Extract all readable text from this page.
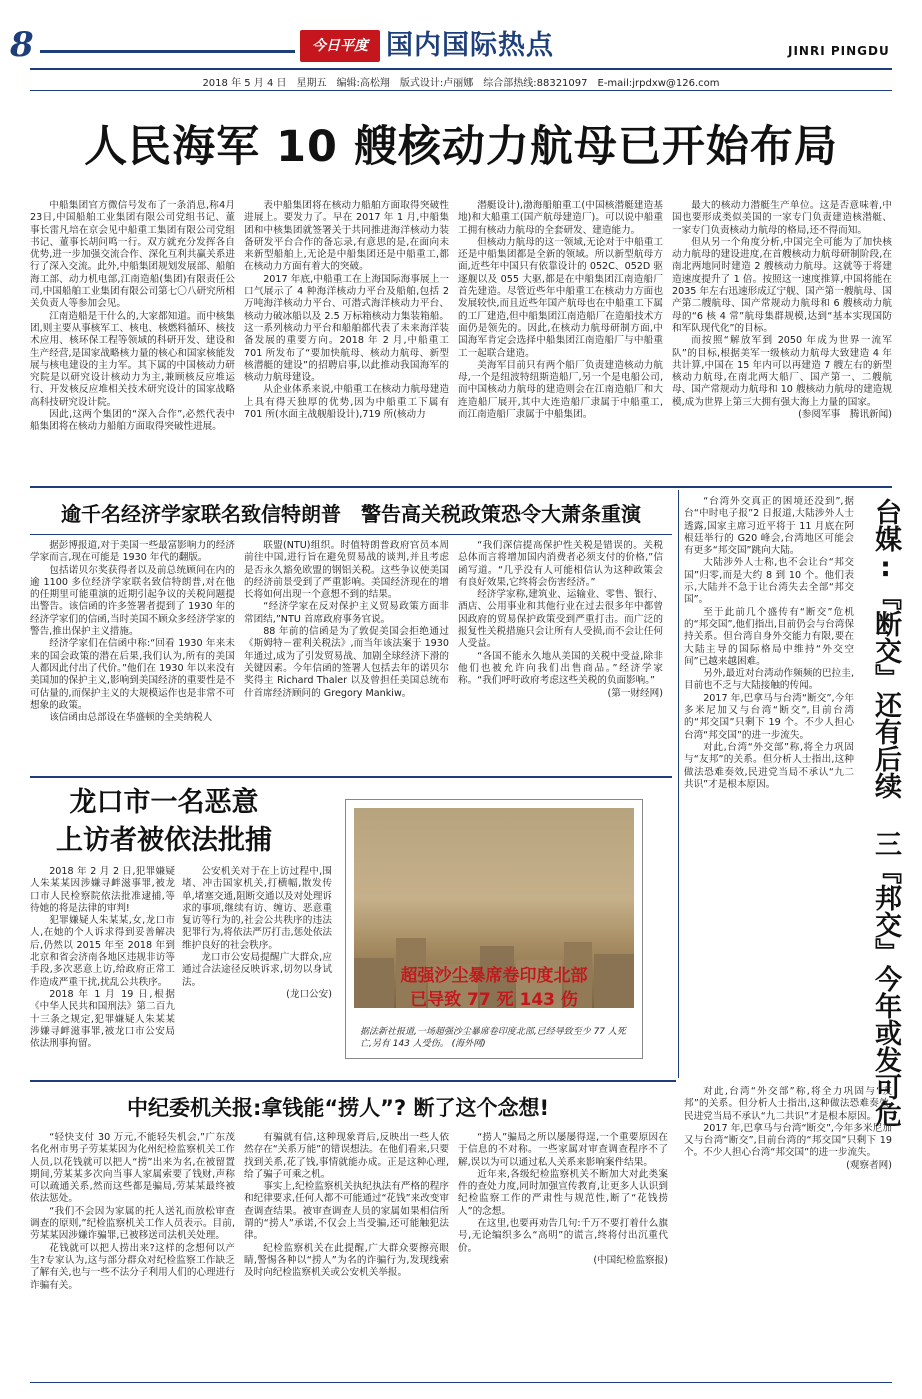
8	今日平度 国内国际热点	JINRI PINGDU
2018 年 5 月 4 日　星期五　编辑:高松翔　版式设计:卢丽娜　综合部热线:88321097　E-mail:jrpdxw@126.com
人民海军 10 艘核动力航母已开始布局

中船集团官方微信号发布了一条消息,称4月23日,中国船舶工业集团有限公司党组书记、董事长雷凡培在京会见中船重工集团有限公司党组书记、董事长胡问鸣一行。双方就充分发挥各自优势,进一步加强交流合作、深化互利共赢关系进行了深入交流。此外,中船集团规划发展部、船舶海工部、动力机电部,江南造船(集团)有限责任公司,中国船舶工业集团有限公司第七〇八研究所相关负责人等参加会见。

江南造船是干什么的,大家都知道。而中核集团,则主要从事核军工、核电、核燃料循环、核技术应用、核环保工程等领域的科研开发、建设和生产经营,是国家战略核力量的核心和国家核能发展与核电建设的主力军。其下属的中国核动力研究院是以研究设计核动力为主,兼顾核反应堆运行、开发核反应堆相关技术研究设计的国家战略高科技研究设计院。

因此,这两个集团的“深入合作”,必然代表中船集团将在核动力船舶方面取得突破性进展。

表中船集团将在核动力船舶方面取得突破性进展上。要发力了。早在 2017 年 1 月,中船集团和中核集团就签署关于共同推进海洋核动力装备研发平台合作的备忘录,有意思的是,在面向未来新型船舶上,无论是中船集团还是中船重工,都在核动力方面有着大的突破。

2017 年底,中船重工在上海国际海事展上一口气展示了 4 种海洋核动力平台及船舶,包括 2 万吨海洋核动力平台、可潜式海洋核动力平台、核动力破冰船以及 2.5 万标箱核动力集装箱船。这一系列核动力平台和船舶都代表了未来海洋装备发展的重要方向。2018 年 2 月,中船重工 701 所发布了“要加快航母、核动力航母、新型核潜艇的建设”的招聘启事,以此推动我国海军的核动力航母建设。

从企业体系来说,中船重工在核动力航母建造上具有得天独厚的优势,因为中船重工下属有 701 所(水面主战舰船设计),719 所(核动力

潜艇设计),渤海船舶重工(中国核潜艇建造基地)和大船重工(国产航母建造厂)。可以说中船重工拥有核动力航母的全套研发、建造能力。

但核动力航母的这一领域,无论对于中船重工还是中船集团都是全新的领域。所以新型航母方面,近些年中国只有依靠设计的 052C、052D 驱逐舰以及 055 大驱,都是在中船集团江南造船厂首先建造。尽管近些年中船重工在核动力方面也发展较快,而且近些年国产航母也在中船重工下属的工厂建造,但中船集团江南造船厂在造船技术方面仍是领先的。因此,在核动力航母研制方面,中国海军肯定会选择中船集团江南造船厂与中船重工一起联合建造。

美海军目前只有两个船厂负责建造核动力航母,一个是纽波特纽斯造船厂,另一个是电船公司,而中国核动力航母的建造则会在江南造船厂和大连造船厂展开,其中大连造船厂隶属于中船重工,而江南造船厂隶属于中船集团。

最大的核动力潜艇生产单位。这是否意味着,中国也要形成类似美国的一家专门负责建造核潜艇、一家专门负责核动力航母的格局,还不得而知。

但从另一个角度分析,中国完全可能为了加快核动力航母的建设进度,在首艘核动力航母研制阶段,在南北两地同时建造 2 艘核动力航母。这就等于将建造速度提升了 1 倍。按照这一速度推算,中国将能在 2035 年左右迅速形成辽宁舰、国产第一艘航母、国产第二艘航母、国产常规动力航母和 6 艘核动力航母的“6 核 4 常”航母集群规模,达到“基本实现国防和军队现代化”的目标。

而按照“解放军到 2050 年成为世界一流军队”的目标,根据美军一级核动力航母大致建造 4 年共计算,中国在 15 年内可以再建造 7 艘左右的新型核动力航母,在南北两大船厂、国产第一、二艘航母、国产常规动力航母和 10 艘核动力航母的建造规模,成为世界上第三大拥有强大海上力量的国家。

(参阅军事　腾讯新闻)
逾千名经济学家联名致信特朗普　警告高关税政策恐令大萧条重演

据彭博报道,对于美国一些最富影响力的经济学家而言,现在可能是 1930 年代的翻版。

包括诺贝尔奖获得者以及前总统顾问在内的逾 1100 多位经济学家联名致信特朗普,对在他的任期里可能重演的近期引起争议的关税问题提出警告。该信函的许多签署者提到了 1930 年的经济学家们的信函,当时美国不顾众多经济学家的警告,推出保护主义措施。

经济学家们在信函中称:“回看 1930 年来未来的国会政策的潜在后果,我们认为,所有的美国人都因此付出了代价。”他们在 1930 年以来没有美国加的保护主义,影响到美国经济的重要性是不可估量的,而保护主义的大规模运作也是非常不可想象的政策。

该信函由总部设在华盛顿的全美纳税人

联盟(NTU)组织。时值特朗普政府官员本周前往中国,进行旨在避免贸易战的谈判,并且考虑是否永久豁免欧盟的钢铝关税。这些争议使美国的经济前景受到了严重影响。美国经济现在的增长将如何出现一个意想不到的结果。

“经济学家在反对保护主义贸易政策方面非常团结,”NTU 首席政府事务官说。

88 年前的信函是为了敦促美国会拒绝通过《斯姆特－霍利关税法》,而当年该法案于 1930 年通过,成为了引发贸易战、加剧全球经济下滑的关键因素。今年信函的签署人包括去年的诺贝尔奖得主 Richard Thaler 以及曾担任美国总统布什首席经济顾问的 Gregory Mankiw。

“我们深信提高保护性关税是错误的。关税总体而言将增加国内消费者必须支付的价格,”信函写道。“几乎没有人可能相信认为这种政策会有良好效果,它终将会伤害经济。”

经济学家称,建筑业、运输业、零售、银行、酒店、公用事业和其他行业在过去很多年中都曾因政府的贸易保护政策受到严重打击。而广泛的报复性关税措施只会让所有人受损,而不会让任何人受益。

“各国不能永久地从美国的关税中受益,除非他们也被允许向我们出售商品。”经济学家称。“我们呼吁政府考虑这些关税的负面影响。”

(第一财经网)

“台湾外交真正的困境还没到”,据台“中时电子报”2 日报道,大陆涉外人士透露,国家主席习近平将于 11 月底在阿根廷举行的 G20 峰会,台湾地区可能会有更多“邦交国”跳向大陆。

大陆涉外人士称,也不会让台“邦交国”归零,而是大约 8 到 10 个。他们表示,大陆并不急于让台湾失去全部“邦交国”。

至于此前几个盛传有“断交”危机的“邦交国”,他们指出,目前仍会与台湾保持关系。但台湾自身外交能力有限,要在大陆主导的国际格局中维持“外交空间”已越来越困难。

另外,最近对台湾动作频频的巴拉圭,目前也不乏与大陆接触的传闻。

2017 年,巴拿马与台湾“断交”,今年多米尼加又与台湾“断交”,目前台湾的“邦交国”只剩下 19 个。不少人担心台湾“邦交国”的进一步流失。

对此,台湾“外交部”称,将全力巩固与“友邦”的关系。但分析人士指出,这种做法恐难奏效,民进党当局不承认“九二共识”才是根本原因。	台媒:『断交』还有后续 三『邦交』今年或发可危

对此,台湾“外交部”称,将全力巩固与“友邦”的关系。但分析人士指出,这种做法恐难奏效,民进党当局不承认“九二共识”才是根本原因。

2017 年,巴拿马与台湾“断交”,今年多米尼加又与台湾“断交”,目前台湾的“邦交国”只剩下 19 个。不少人担心台湾“邦交国”的进一步流失。

(观察者网)
龙口市一名恶意
上访者被依法批捕

2018 年 2 月 2 日,犯罪嫌疑人朱某某因涉嫌寻衅滋事罪,被龙口市人民检察院依法批准逮捕,等待她的将是法律的审判!

犯罪嫌疑人朱某某,女,龙口市人,在她的个人诉求得到妥善解决后,仍然以 2015 年至 2018 年到北京和省会济南各地区违规非访等手段,多次恶意上访,给政府正常工作造成严重干扰,扰乱公共秩序。

2018 年 1 月 19 日,根据《中华人民共和国刑法》第二百九十三条之规定,犯罪嫌疑人朱某某涉嫌寻衅滋事罪,被龙口市公安局依法刑事拘留。

公安机关对于在上访过程中,围堵、冲击国家机关,打横幅,散发传单,堵塞交通,阻断交通以及对处理诉求的事项,继续有访、缠访、恶意重复访等行为的,社会公共秩序的违法犯罪行为,将依法严厉打击,惩处依法维护良好的社会秩序。

龙口市公安局提醒广大群众,应通过合法途径反映诉求,切勿以身试法。

(龙口公安)
超强沙尘暴席卷印度北部
已导致 77 死 143 伤
据法新社报道,一场超强沙尘暴席卷印度北部,已经导致至少 77 人死亡,另有 143 人受伤。 (海外网)
中纪委机关报:拿钱能“捞人”? 断了这个念想!

“轻快支付 30 万元,不能轻失机会,”广东茂名化州市男子劳某某因为化州纪检监察机关工作人员,以花钱就可以把人“捞”出来为名,在被留置期间,劳某某多次向当事人家属索要了钱财,声称可以疏通关系,然而这些都是骗局,劳某某最终被依法惩处。

“我们不会因为家属的托人送礼而放松审查调查的原则,”纪检监察机关工作人员表示。目前,劳某某因涉嫌诈骗罪,已被移送司法机关处理。

花钱就可以把人捞出来?这样的念想何以产生?专家认为,这与部分群众对纪检监察工作缺乏了解有关,也与一些不法分子利用人们的心理进行诈骗有关。

有骗就有信,这种现象背后,反映出一些人依然存在“关系万能”的错误想法。在他们看来,只要找到关系,花了钱,事情就能办成。正是这种心理,给了骗子可乘之机。

事实上,纪检监察机关执纪执法有严格的程序和纪律要求,任何人都不可能通过“花钱”来改变审查调查结果。被审查调查人员的家属如果相信所谓的“捞人”承诺,不仅会上当受骗,还可能触犯法律。

纪检监察机关在此提醒,广大群众要擦亮眼睛,警惕各种以“捞人”为名的诈骗行为,发现线索及时向纪检监察机关或公安机关举报。

“捞人”骗局之所以屡屡得逞,一个重要原因在于信息的不对称。一些家属对审查调查程序不了解,误以为可以通过私人关系来影响案件结果。

近年来,各级纪检监察机关不断加大对此类案件的查处力度,同时加强宣传教育,让更多人认识到纪检监察工作的严肃性与规范性,断了“花钱捞人”的念想。

在这里,也要再劝告几句:千万不要打着什么旗号,无论编织多么“高明”的谎言,终将付出沉重代价。

(中国纪检监察报)
